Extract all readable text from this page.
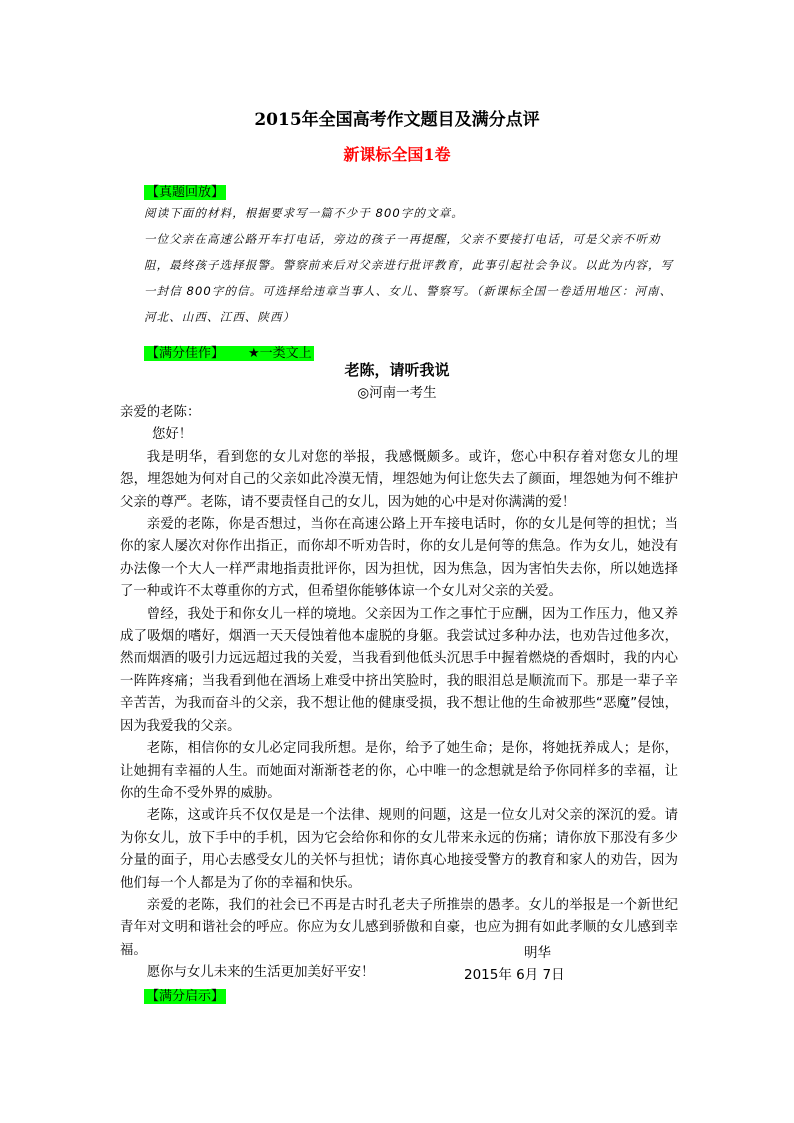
2015年全国高考作文题目及满分点评
新课标全国1卷
【真题回放】

阅读下面的材料，根据要求写一篇不少于 800字的文章。

一位父亲在高速公路开车打电话，旁边的孩子一再提醒，父亲不要接打电话，可是父亲不听劝阻，最终孩子选择报警。警察前来后对父亲进行批评教育，此事引起社会争议。以此为内容，写一封信 800字的信。可选择给违章当事人、女儿、警察写。（新课标全国一卷适用地区：河南、河北、山西、江西、陕西）

【满分佳作】 ★一类文上
老陈，请听我说
◎河南一考生

亲爱的老陈：

您好！

我是明华，看到您的女儿对您的举报，我感慨颇多。或许，您心中积存着对您女儿的埋怨，埋怨她为何对自己的父亲如此冷漠无情，埋怨她为何让您失去了颜面，埋怨她为何不维护父亲的尊严。老陈，请不要责怪自己的女儿，因为她的心中是对你满满的爱！

亲爱的老陈，你是否想过，当你在高速公路上开车接电话时，你的女儿是何等的担忧；当你的家人屡次对你作出指正，而你却不听劝告时，你的女儿是何等的焦急。作为女儿，她没有办法像一个大人一样严肃地指责批评你，因为担忧，因为焦急，因为害怕失去你，所以她选择了一种或许不太尊重你的方式，但希望你能够体谅一个女儿对父亲的关爱。

曾经，我处于和你女儿一样的境地。父亲因为工作之事忙于应酬，因为工作压力，他又养成了吸烟的嗜好，烟酒一天天侵蚀着他本虚脱的身躯。我尝试过多种办法，也劝告过他多次，然而烟酒的吸引力远远超过我的关爱，当我看到他低头沉思手中握着燃烧的香烟时，我的内心一阵阵疼痛；当我看到他在酒场上难受中挤出笑脸时，我的眼泪总是顺流而下。那是一辈子辛辛苦苦，为我而奋斗的父亲，我不想让他的健康受损，我不想让他的生命被那些“恶魔”侵蚀，因为我爱我的父亲。

老陈，相信你的女儿必定同我所想。是你，给予了她生命；是你，将她抚养成人；是你，让她拥有幸福的人生。而她面对渐渐苍老的你，心中唯一的念想就是给予你同样多的幸福，让你的生命不受外界的威胁。

老陈，这或许兵不仅仅是是一个法律、规则的问题，这是一位女儿对父亲的深沉的爱。请为你女儿，放下手中的手机，因为它会给你和你的女儿带来永远的伤痛；请你放下那没有多少分量的面子，用心去感受女儿的关怀与担忧；请你真心地接受警方的教育和家人的劝告，因为他们每一个人都是为了你的幸福和快乐。

亲爱的老陈，我们的社会已不再是古时孔老夫子所推崇的愚孝。女儿的举报是一个新世纪青年对文明和谐社会的呼应。你应为女儿感到骄傲和自豪，也应为拥有如此孝顺的女儿感到幸福。

愿你与女儿未来的生活更加美好平安！

明华
2015年 6月 7日
【满分启示】
